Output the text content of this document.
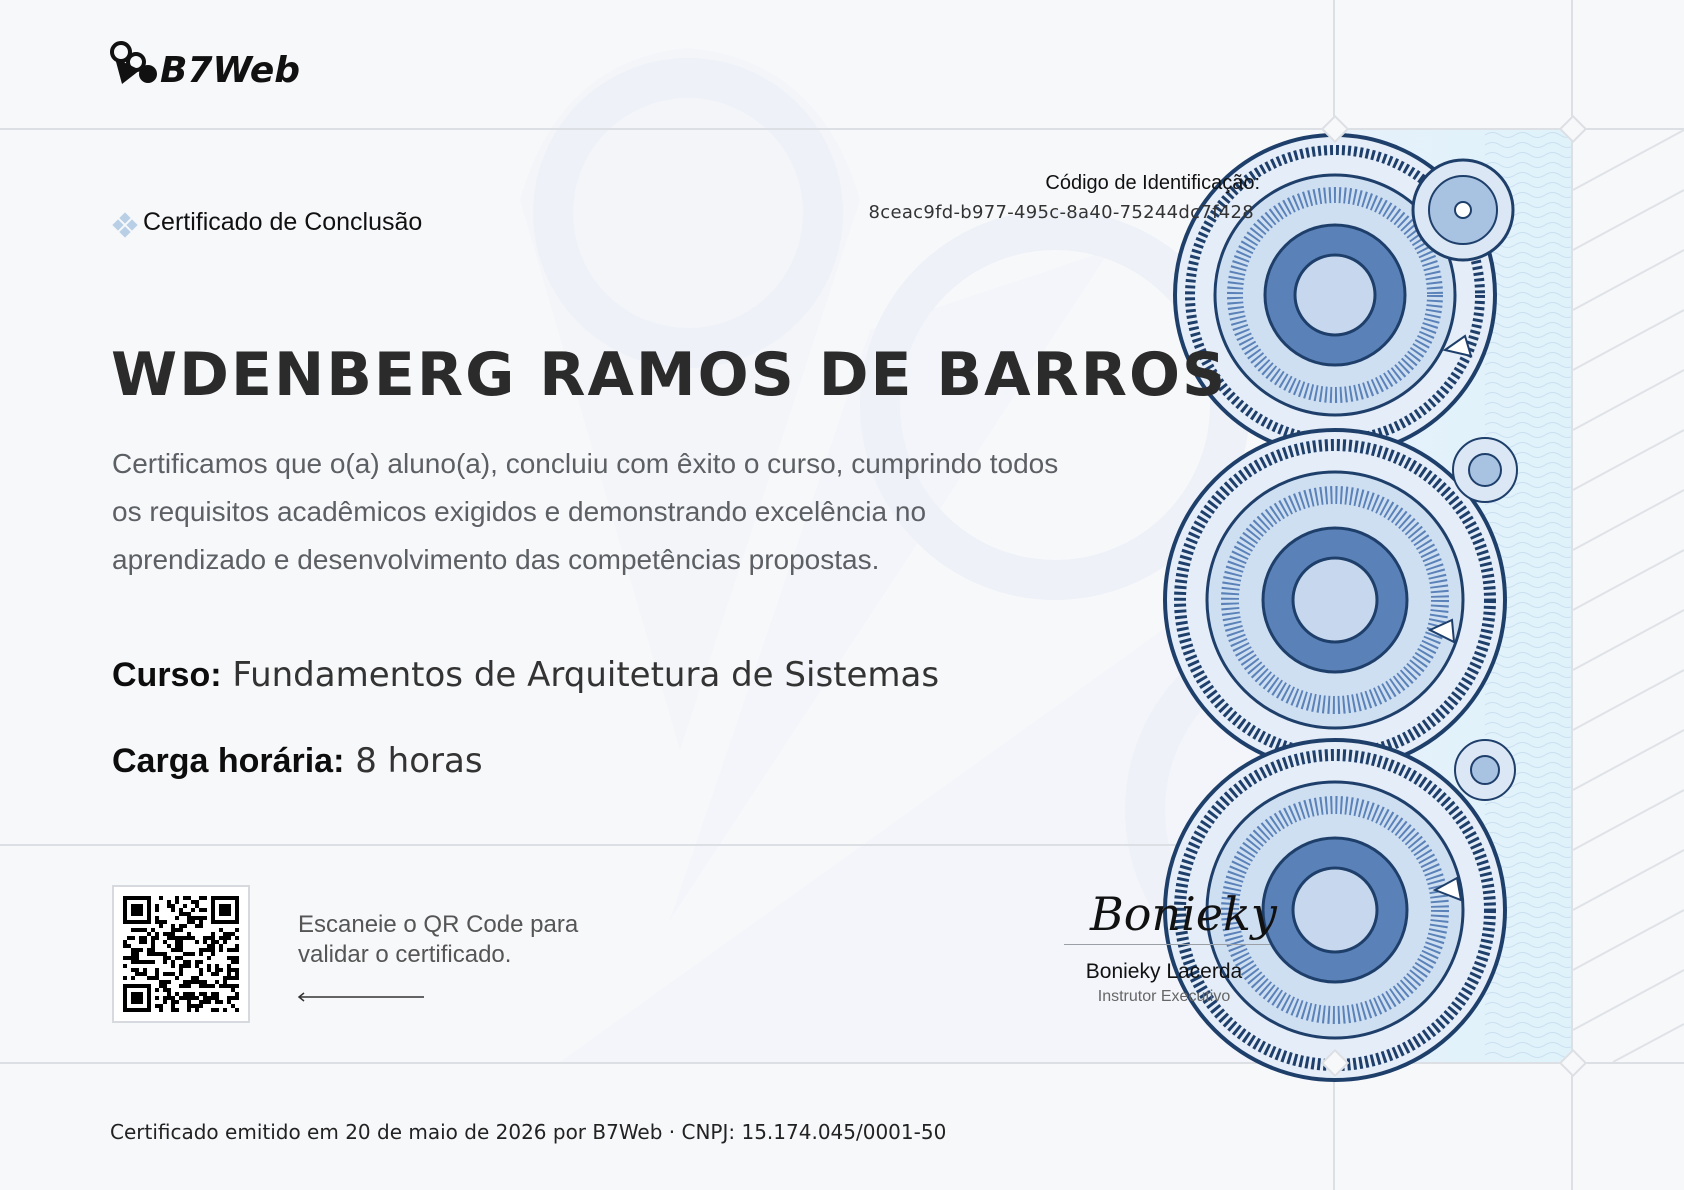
B7Web
Certificado de Conclusão
Código de Identificação:
8ceac9fd-b977-495c-8a40-75244dc7f428
WDENBERG RAMOS DE BARROS
Certificamos que o(a) aluno(a), concluiu com êxito o curso, cumprindo todos os requisitos acadêmicos exigidos e demonstrando excelência no aprendizado e desenvolvimento das competências propostas.
Curso: Fundamentos de Arquitetura de Sistemas
Carga horária: 8 horas
Escaneie o QR Code para validar o certificado.
Bonieky
Bonieky Lacerda
Instrutor Executivo
Certificado emitido em 20 de maio de 2026 por B7Web · CNPJ: 15.174.045/0001-50
